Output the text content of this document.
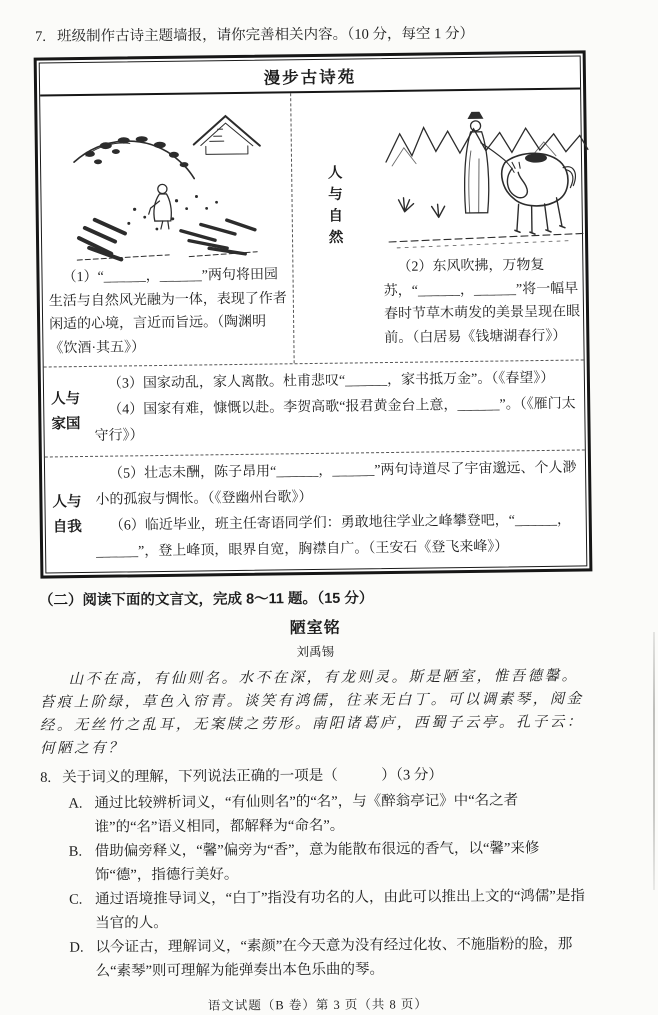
7. 班级制作古诗主题墙报，请你完善相关内容。（10 分，每空 1 分）
漫步古诗苑

（1）“______，______”两句将田园生活与自然风光融为一体，表现了作者闲适的心境，言近而旨远。（陶渊明《饮酒·其五》）

人与自然

（2）东风吹拂，万物复苏，“______，______”将一幅早春时节草木萌发的美景呈现在眼前。（白居易《钱塘湖春行》）

人与家国

（3）国家动乱，家人离散。杜甫悲叹“______，家书抵万金”。（《春望》）

（4）国家有难，慷慨以赴。李贺高歌“报君黄金台上意，______”。（《雁门太守行》）

人与自我

（5）壮志未酬，陈子昂用“______，______”两句诗道尽了宇宙邈远、个人渺小的孤寂与惆怅。（《登幽州台歌》）

（6）临近毕业，班主任寄语同学们：勇敢地往学业之峰攀登吧，“______，______”，登上峰顶，眼界自宽，胸襟自广。（王安石《登飞来峰》）

（二）阅读下面的文言文，完成 8～11 题。（15 分）
陋室铭
刘禹锡

山不在高，有仙则名。水不在深，有龙则灵。斯是陋室，惟吾德馨。苔痕上阶绿，草色入帘青。谈笑有鸿儒，往来无白丁。可以调素琴，阅金经。无丝竹之乱耳，无案牍之劳形。南阳诸葛庐，西蜀子云亭。孔子云：何陋之有？

8. 关于词义的理解，下列说法正确的一项是（　　　）（3 分）
A. 通过比较辨析词义，“有仙则名”的“名”，与《醉翁亭记》中“名之者谁”的“名”语义相同，都解释为“命名”。
B. 借助偏旁释义，“馨”偏旁为“香”，意为能散布很远的香气，以“馨”来修饰“德”，指德行美好。
C. 通过语境推导词义，“白丁”指没有功名的人，由此可以推出上文的“鸿儒”是指当官的人。
D. 以今证古，理解词义，“素颜”在今天意为没有经过化妆、不施脂粉的脸，那么“素琴”则可理解为能弹奏出本色乐曲的琴。
语文试题（B 卷）第 3 页（共 8 页）
